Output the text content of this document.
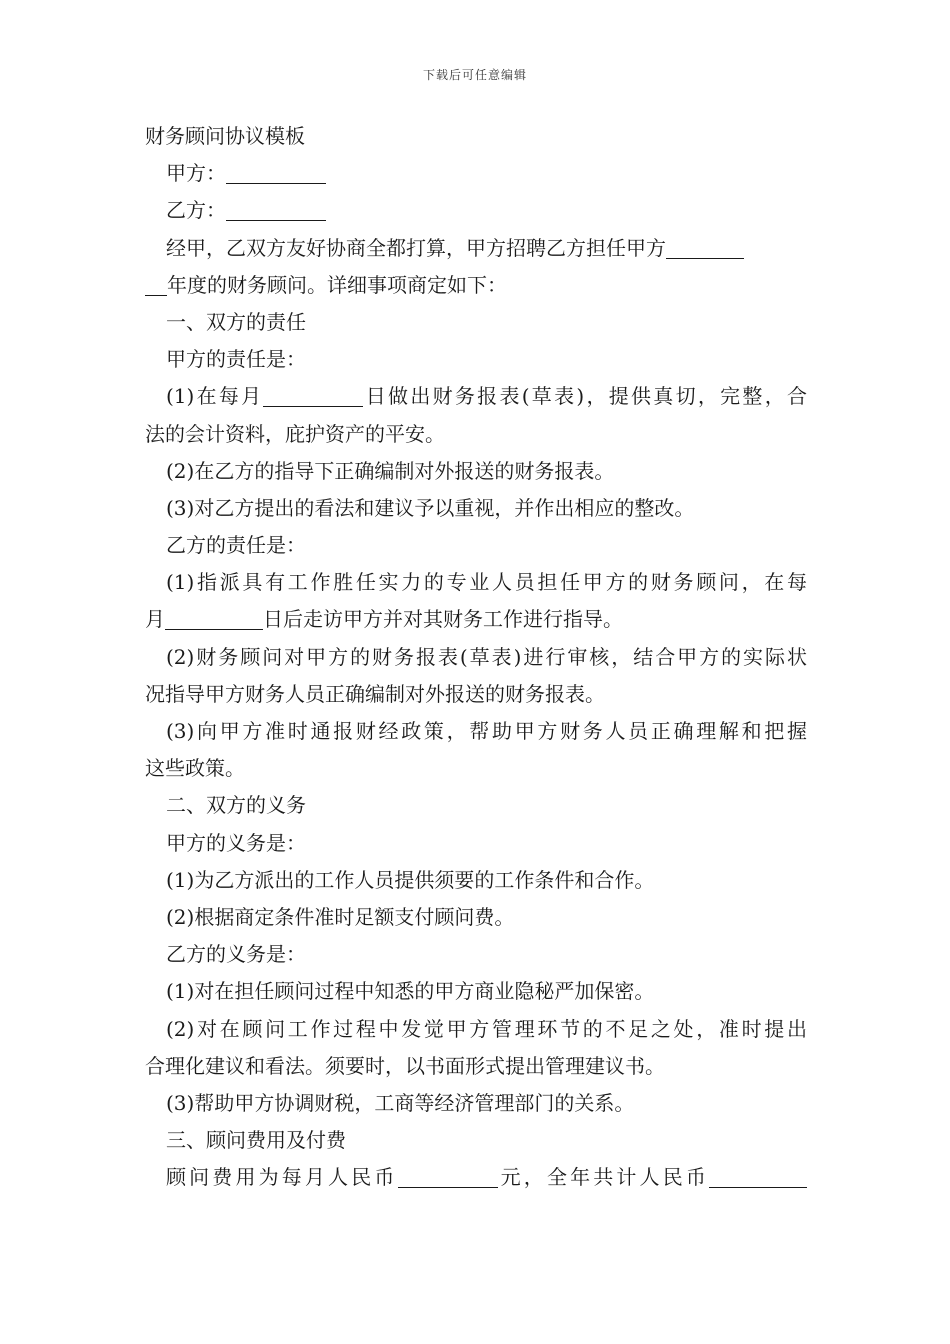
下载后可任意编辑
财务顾问协议模板
甲方：
乙方：
经甲，乙双方友好协商全都打算，甲方招聘乙方担任甲方
年度的财务顾问。详细事项商定如下：
一、双方的责任
甲方的责任是：
(1)在每月	日做出财务报表(草表)，提供真切，完整，合
法的会计资料，庇护资产的平安。
(2)在乙方的指导下正确编制对外报送的财务报表。
(3)对乙方提出的看法和建议予以重视，并作出相应的整改。
乙方的责任是：
(1)指派具有工作胜任实力的专业人员担任甲方的财务顾问，在每
月	日后走访甲方并对其财务工作进行指导。
(2)财务顾问对甲方的财务报表(草表)进行审核，结合甲方的实际状
况指导甲方财务人员正确编制对外报送的财务报表。
(3)向甲方准时通报财经政策，帮助甲方财务人员正确理解和把握
这些政策。
二、双方的义务
甲方的义务是：
(1)为乙方派出的工作人员提供须要的工作条件和合作。
(2)根据商定条件准时足额支付顾问费。
乙方的义务是：
(1)对在担任顾问过程中知悉的甲方商业隐秘严加保密。
(2)对在顾问工作过程中发觉甲方管理环节的不足之处，准时提出
合理化建议和看法。须要时，以书面形式提出管理建议书。
(3)帮助甲方协调财税，工商等经济管理部门的关系。
三、顾问费用及付费
顾问费用为每月人民币	元，全年共计人民币
